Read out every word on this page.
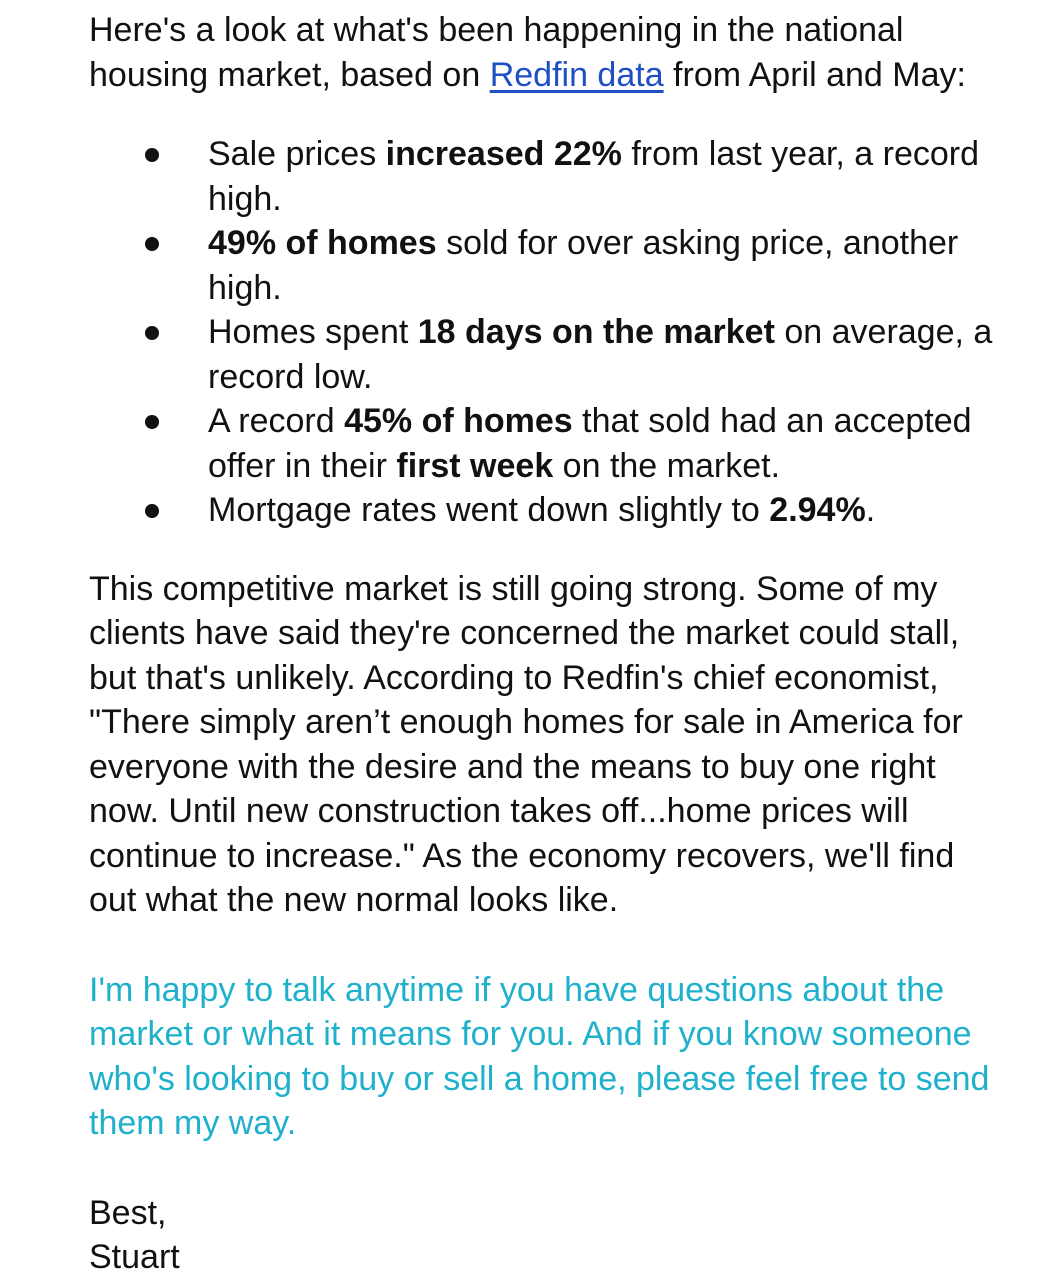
Here's a look at what's been happening in the national housing market, based on Redfin data from April and May:

Sale prices increased 22% from last year, a record high.
49% of homes sold for over asking price, another high.
Homes spent 18 days on the market on average, a record low.
A record 45% of homes that sold had an accepted offer in their first week on the market.
Mortgage rates went down slightly to 2.94%.

This competitive market is still going strong. Some of my clients have said they're concerned the market could stall, but that's unlikely. According to Redfin's chief economist, "There simply aren’t enough homes for sale in America for everyone with the desire and the means to buy one right now. Until new construction takes off...home prices will continue to increase." As the economy recovers, we'll find out what the new normal looks like.

I'm happy to talk anytime if you have questions about the market or what it means for you. And if you know someone who's looking to buy or sell a home, please feel free to send them my way.

Best,

Stuart
